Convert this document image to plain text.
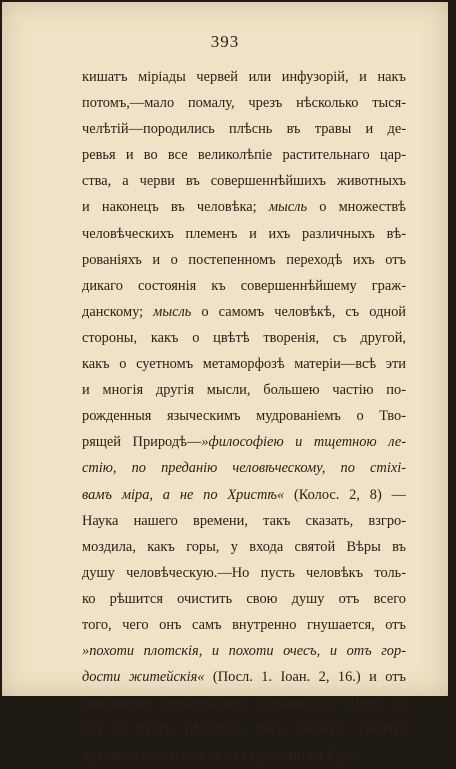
393
кишатъ міріады червей или инфузорій, и накъ
потомъ,—мало помалу, чрезъ нѣсколько тыся-
челѣтій—породились плѣснь въ травы и де-
ревья и во все великолѣпіе растительнаго цар-
ства, а черви въ совершеннѣйшихъ животныхъ
и наконецъ въ человѣка; мысль о множествѣ
человѣческихъ племенъ и ихъ различныхъ вѣ-
рованіяхъ и о постепенномъ переходѣ ихъ отъ
дикаго состоянія къ совершеннѣйшему граж-
данскому; мысль о самомъ человѣкѣ, съ одной
стороны, какъ о цвѣтѣ творенія, съ другой,
какъ о суетномъ метаморфозѣ матеріи—всѣ эти
и многія другія мысли, большею частію по-
рожденныя языческимъ мудрованіемъ о Тво-
рящей Природѣ—»философіею и тщетною ле-
стію, по преданію человѣческому, по стіхі-
вамъ міра, а не по Христѣ« (Колос. 2, 8) —
Наука нашего времени, такъ сказать, взгро-
моздила, какъ горы, у входа святой Вѣры въ
душу человѣческую.—Но пусть человѣкъ толь-
ко рѣшится очистить свою душу отъ всего
того, чего онъ самъ внутренно гнушается, отъ
»похоти плотскія, и похоти очесъ, и отъ гор-
дости житейскія« (Посл. 1. Іоан. 2, 16.) и отъ
поклоненія »прегордымъ суетамъ« (2 Петр. 2,
18) и пусть рѣшится, такъ сказать, распять
духовно свою плоть съ ея страстями на Кре-
